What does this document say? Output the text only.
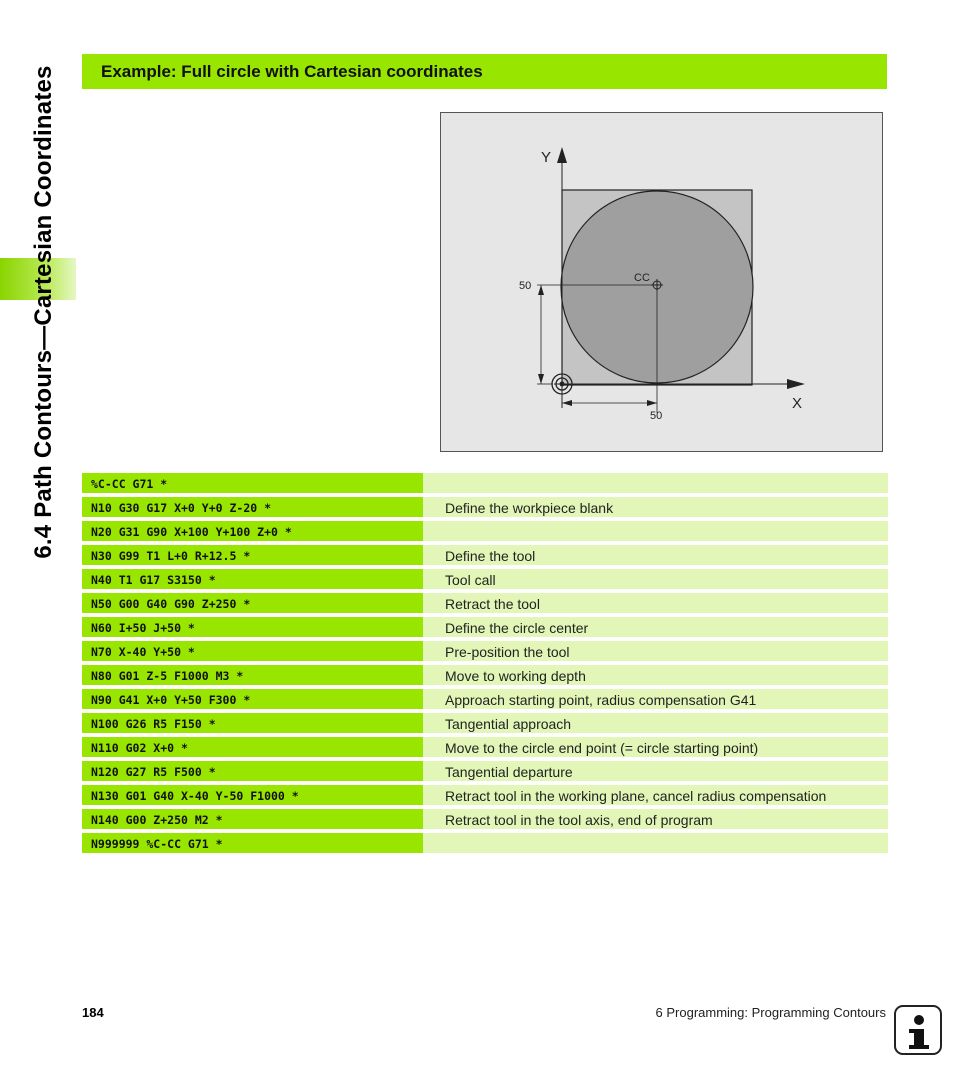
6.4 Path Contours—Cartesian Coordinates	Example: Full circle with Cartesian coordinates
Y
X
CC
50
50
%C-CC G71 *
N10 G30 G17 X+0 Y+0 Z-20 *	Define the workpiece blank
N20 G31 G90 X+100 Y+100 Z+0 *
N30 G99 T1 L+0 R+12.5 *	Define the tool
N40 T1 G17 S3150 *	Tool call
N50 G00 G40 G90 Z+250 *	Retract the tool
N60 I+50 J+50 *	Define the circle center
N70 X-40 Y+50 *	Pre-position the tool
N80 G01 Z-5 F1000 M3 *	Move to working depth
N90 G41 X+0 Y+50 F300 *	Approach starting point, radius compensation G41
N100 G26 R5 F150 *	Tangential approach
N110 G02 X+0 *	Move to the circle end point (= circle starting point)
N120 G27 R5 F500 *	Tangential departure
N130 G01 G40 X-40 Y-50 F1000 *	Retract tool in the working plane, cancel radius compensation
N140 G00 Z+250 M2 *	Retract tool in the tool axis, end of program
N999999 %C-CC G71 *
184	6 Programming: Programming Contours
